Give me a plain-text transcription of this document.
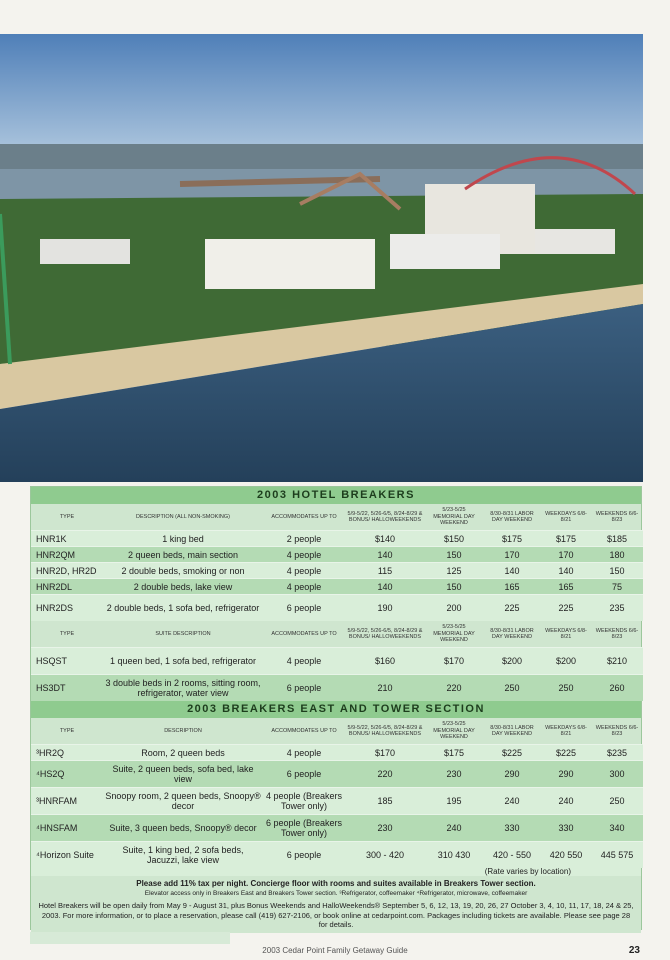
2003 HOTEL BREAKERS
TYPE	DESCRIPTION (ALL NON-SMOKING)	ACCOMMODATES UP TO	5/9-5/22, 5/26-6/5, 8/24-8/29 & BONUS/ HALLOWEEKENDS	5/23-5/25 MEMORIAL DAY WEEKEND	8/30-8/31 LABOR DAY WEEKEND	WEEKDAYS 6/8-8/21	WEEKENDS 6/6-8/23
HNR1K	1 king bed	2 people	$140	$150	$175	$175	$185
HNR2QM	2 queen beds, main section	4 people	140	150	170	170	180
HNR2D, HR2D	2 double beds, smoking or non	4 people	115	125	140	140	150
HNR2DL	2 double beds, lake view	4 people	140	150	165	165	75
HNR2DS	2 double beds, 1 sofa bed, refrigerator	6 people	190	200	225	225	235
TYPE	SUITE DESCRIPTION	ACCOMMODATES UP TO	5/9-5/22, 5/26-6/5, 8/24-8/29 & BONUS/ HALLOWEEKENDS	5/23-5/25 MEMORIAL DAY WEEKEND	8/30-8/31 LABOR DAY WEEKEND	WEEKDAYS 6/8-8/21	WEEKENDS 6/6-8/23
HSQST	1 queen bed, 1 sofa bed, refrigerator	4 people	$160	$170	$200	$200	$210
HS3DT	3 double beds in 2 rooms, sitting room, refrigerator, water view	6 people	210	220	250	250	260
2003 BREAKERS EAST AND TOWER SECTION
TYPE	DESCRIPTION	ACCOMMODATES UP TO	5/9-5/22, 5/26-6/5, 8/24-8/29 & BONUS/ HALLOWEEKENDS	5/23-5/25 MEMORIAL DAY WEEKEND	8/30-8/31 LABOR DAY WEEKEND	WEEKDAYS 6/8-8/21	WEEKENDS 6/6-8/23
³HR2Q	Room, 2 queen beds	4 people	$170	$175	$225	$225	$235
⁴HS2Q	Suite, 2 queen beds, sofa bed, lake view	6 people	220	230	290	290	300
³HNRFAM	Snoopy room, 2 queen beds, Snoopy® decor	4 people (Breakers Tower only)	185	195	240	240	250
⁴HNSFAM	Suite, 3 queen beds, Snoopy® decor	6 people (Breakers Tower only)	230	240	330	330	340
⁴Horizon Suite	Suite, 1 king bed, 2 sofa beds, Jacuzzi, lake view	6 people	300 - 420	310 430	420 - 550	420 550	445 575
(Rate varies by location)
Please add 11% tax per night. Concierge floor with rooms and suites available in Breakers Tower section.
Elevator access only in Breakers East and Breakers Tower section. ³Refrigerator, coffeemaker ⁴Refrigerator, microwave, coffeemaker
Hotel Breakers will be open daily from May 9 - August 31, plus Bonus Weekends and HalloWeekends® September 5, 6, 12, 13, 19, 20, 26, 27 October 3, 4, 10, 11, 17, 18, 24 & 25, 2003. For more information, or to place a reservation, please call (419) 627-2106, or book online at cedarpoint.com. Packages including tickets are available. Please see page 28 for details.
2003 Cedar Point Family Getaway Guide	23
